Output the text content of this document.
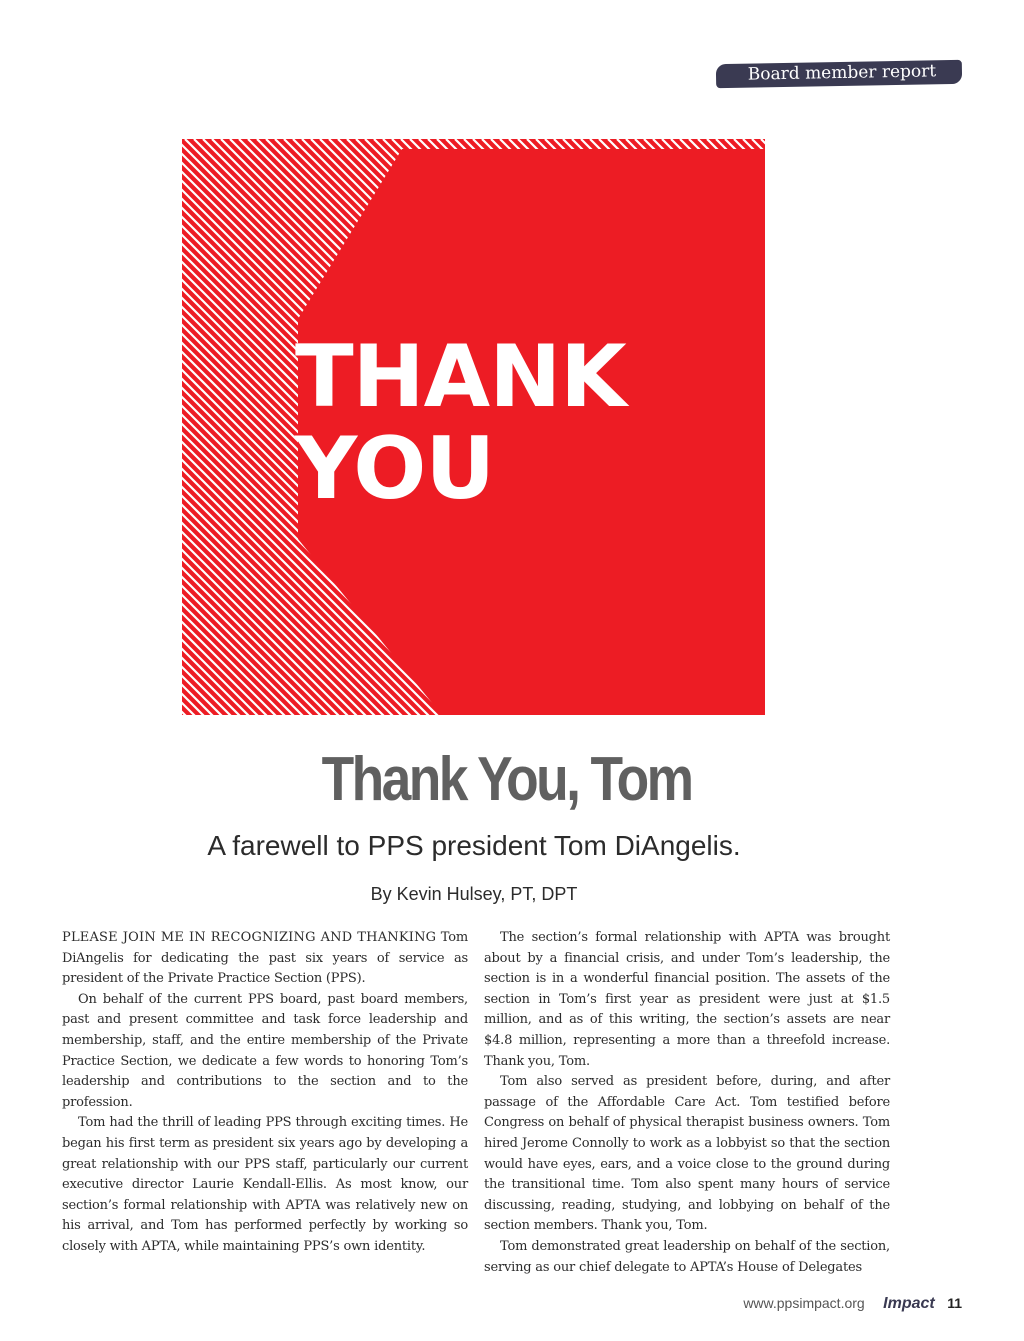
Board member report
THANK
YOU
Thank You, Tom
A farewell to PPS president Tom DiAngelis.
By Kevin Hulsey, PT, DPT

PLEASE JOIN ME IN RECOGNIZING AND THANKING Tom DiAngelis for dedicating the past six years of service as president of the Private Practice Section (PPS).

On behalf of the current PPS board, past board members, past and present committee and task force leadership and membership, staff, and the entire membership of the Private Practice Section, we dedicate a few words to honoring Tom’s leadership and contributions to the section and to the profession.

Tom had the thrill of leading PPS through exciting times. He began his first term as president six years ago by developing a great relationship with our PPS staff, particularly our current executive director Laurie Kendall-Ellis. As most know, our section’s formal relationship with APTA was relatively new on his arrival, and Tom has performed perfectly by working so closely with APTA, while maintaining PPS’s own identity.

The section’s formal relationship with APTA was brought about by a financial crisis, and under Tom’s leadership, the section is in a wonderful financial position. The assets of the section in Tom’s first year as president were just at $1.5 million, and as of this writing, the section’s assets are near $4.8 million, representing a more than a threefold increase. Thank you, Tom.

Tom also served as president before, during, and after passage of the Affordable Care Act. Tom testified before Congress on behalf of physical therapist business owners. Tom hired Jerome Connolly to work as a lobbyist so that the section would have eyes, ears, and a voice close to the ground during the transitional time. Tom also spent many hours of service discussing, reading, studying, and lobbying on behalf of the section members. Thank you, Tom.

Tom demonstrated great leadership on behalf of the section, serving as our chief delegate to APTA’s House of Delegates

www.ppsimpact.org Impact 11
